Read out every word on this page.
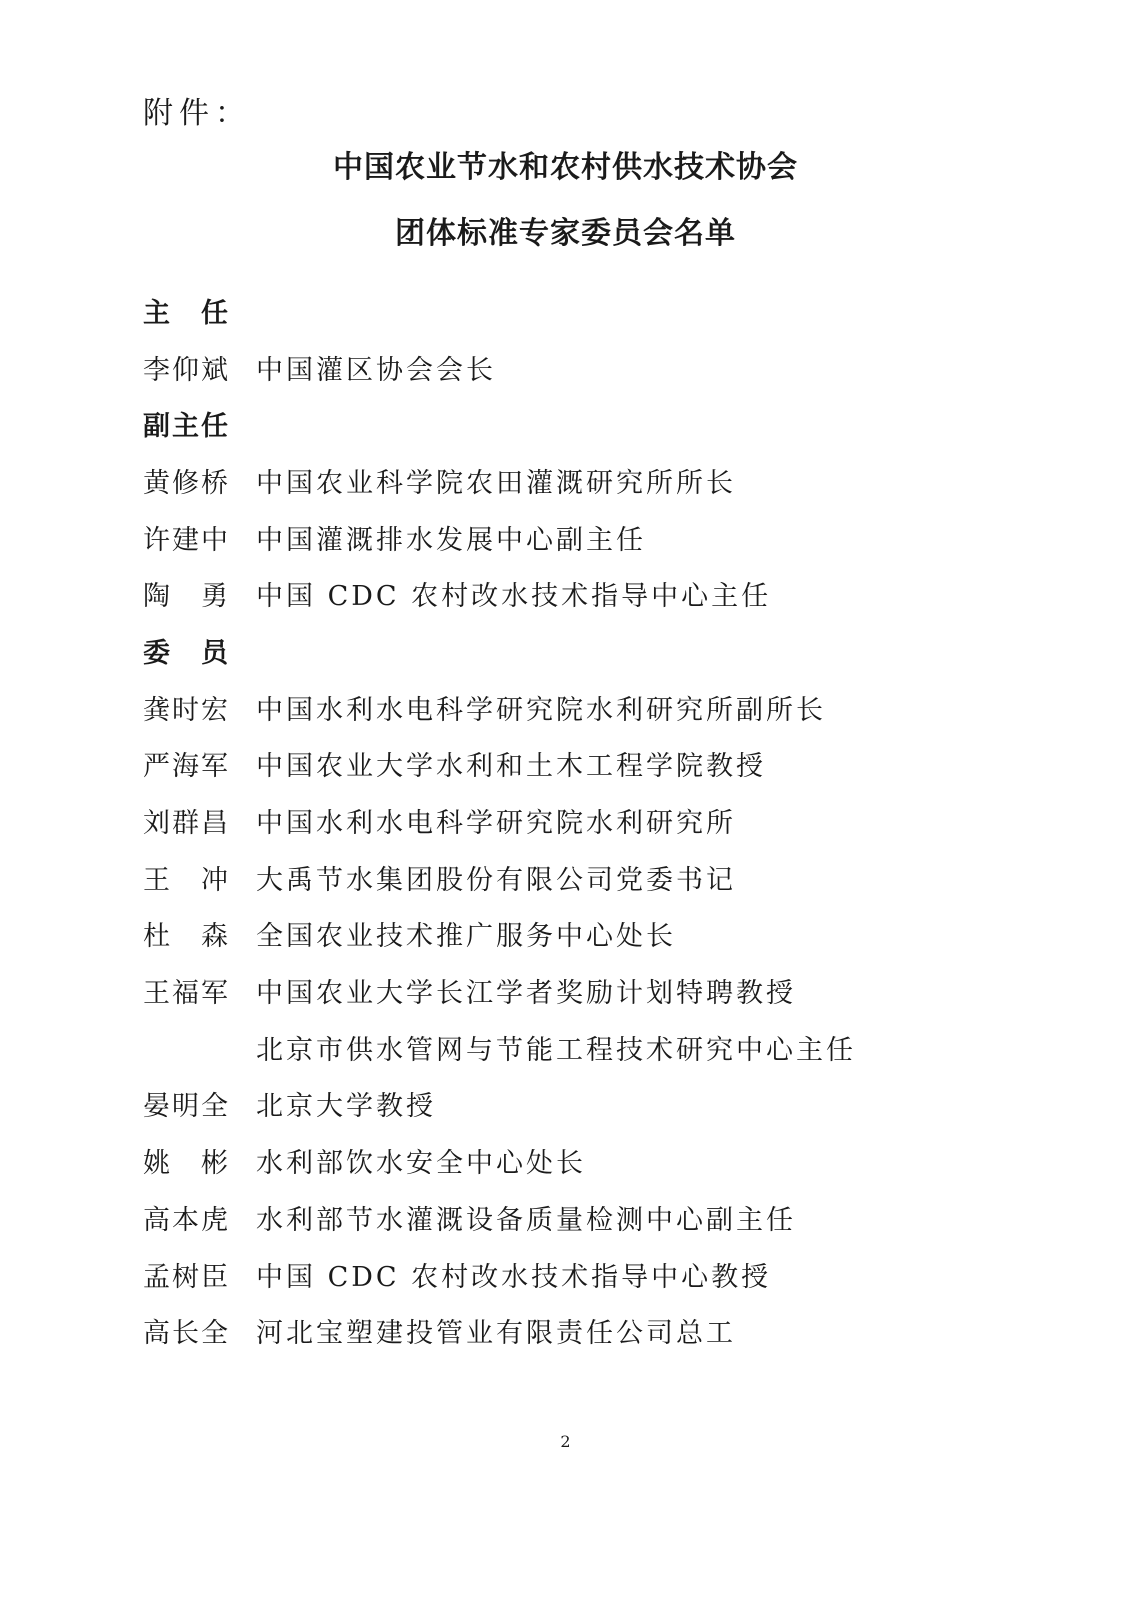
附件：
中国农业节水和农村供水技术协会
团体标准专家委员会名单
主　任
李仰斌 中国灌区协会会长
副主任
黄修桥 中国农业科学院农田灌溉研究所所长
许建中 中国灌溉排水发展中心副主任
陶　勇 中国 CDC 农村改水技术指导中心主任
委　员
龚时宏 中国水利水电科学研究院水利研究所副所长
严海军 中国农业大学水利和土木工程学院教授
刘群昌 中国水利水电科学研究院水利研究所
王　冲 大禹节水集团股份有限公司党委书记
杜　森 全国农业技术推广服务中心处长
王福军 中国农业大学长江学者奖励计划特聘教授
北京市供水管网与节能工程技术研究中心主任
晏明全 北京大学教授
姚　彬 水利部饮水安全中心处长
高本虎 水利部节水灌溉设备质量检测中心副主任
孟树臣 中国 CDC 农村改水技术指导中心教授
高长全 河北宝塑建投管业有限责任公司总工
2
